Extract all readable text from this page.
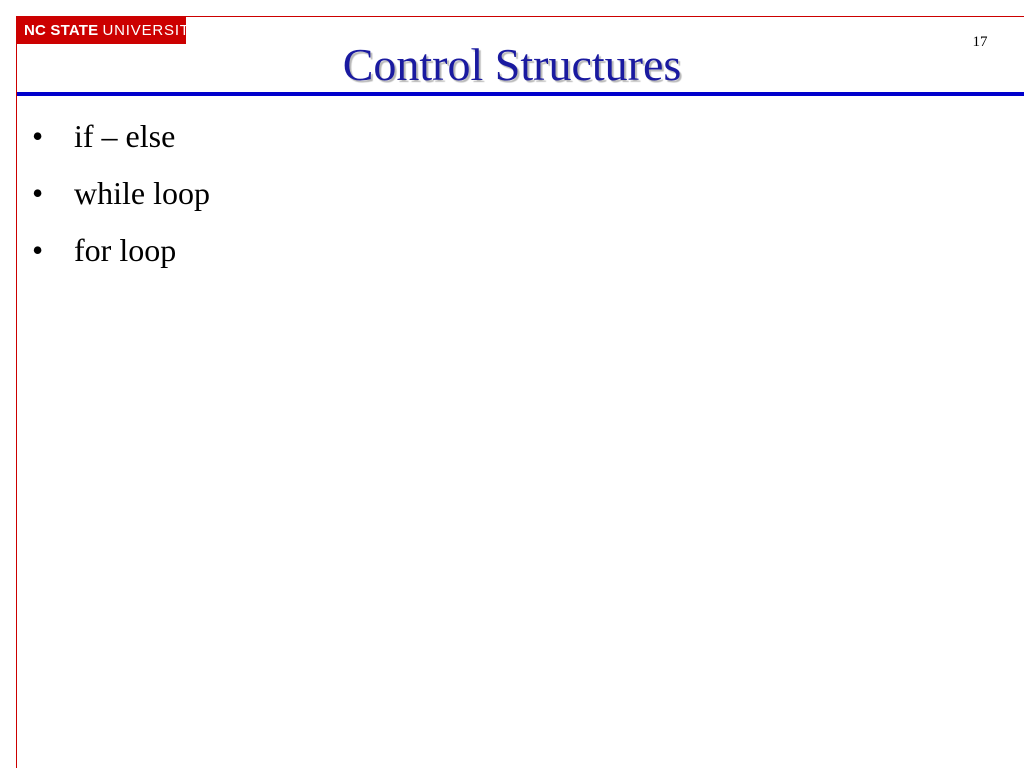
NC STATE UNIVERSITY
17
Control Structures
• if – else
• while loop
• for loop
